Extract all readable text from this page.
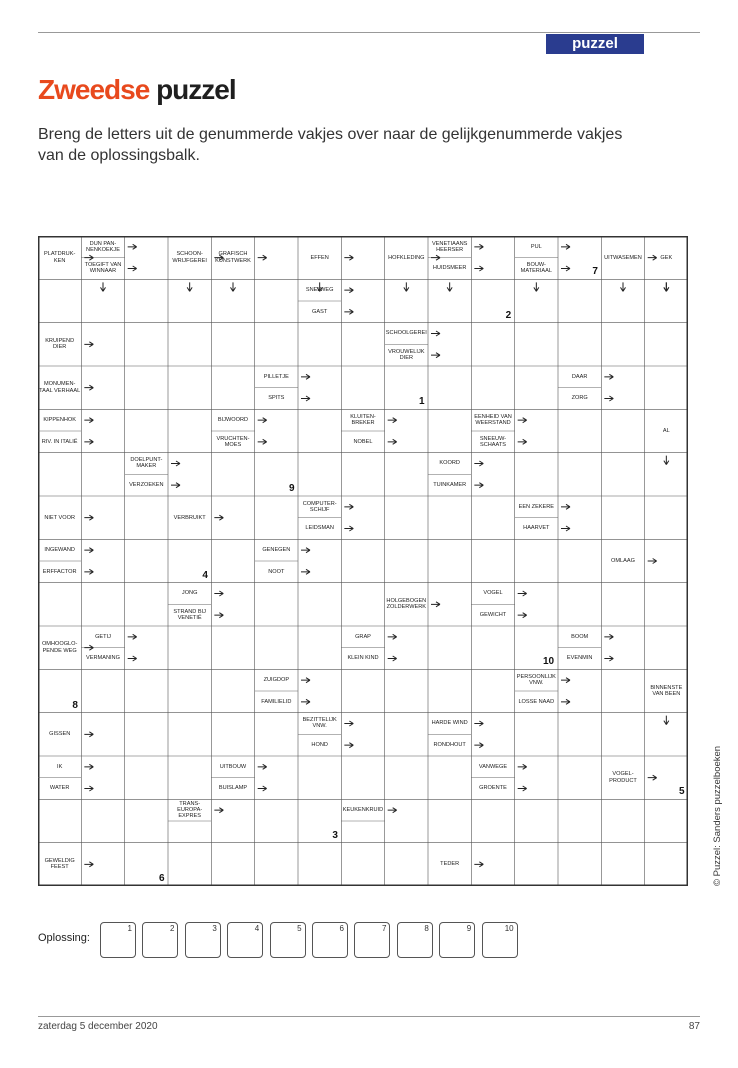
puzzel
Zweedse puzzel

Breng de letters uit de genummerde vakjes over naar de gelijkgenummerde vakjes van de oplossingsbalk.

PLATDRUK-KEN
DUN PAN-NENKOEKJE
TOEGIFT VAN WINNAAR
SCHOON-WRIJFGEREI
GRAFISCH KUNSTWERK
EFFEN	HOFKLEDING
VENETIAANS HEERSER
HUIDSMEER
PUL
BOUW-MATERIAAL
UITWASEMEN	GEK
SNELWEG
GAST
KRUIPEND DIER
SCHOOLGEREI
VROUWELIJK DIER
MONUMEN-TAAL VERHAAL
PILLETJE
SPITS
DAAR
ZORG
KIPPENHOK
RIV. IN ITALIË
BIJWOORD
VRUCHTEN-MOES
KLUITEN-BREKER
NOBEL
EENHEID VAN WEERSTAND
SNEEUW-SCHAATS
AL
DOELPUNT-MAKER
VERZOEKEN
KOORD
TUINKAMER
NIET VOOR	VERBRUIKT
COMPUTER-SCHIJF
LEIDSMAN
EEN ZEKERE
HAARVET
INGEWAND
ERFFACTOR
GENEGEN
NOOT
OMLAAG
JONG
STRAND BIJ VENETIË
HOLGEBOGEN ZOLDERWERK
VOGEL
GEWICHT
OMHOOGLO-PENDE WEG
GETIJ
VERMANING
GRAP
KLEIN KIND
BOOM
EVENMIN
ZUIGDOP
FAMILIELID
PERSOONLIJK VNW.
LOSSE NAAD
BINNENSTE VAN BEEN
GISSEN
BEZITTELIJK VNW.
HOND
HARDE WIND
RONDHOUT
IK
WATER
UITBOUW
BUISLAMP
VANWEGE
GROENTE
VOGEL-PRODUCT
TRANS-EUROPA-EXPRES
KEUKENKRUID
GEWELDIG FEEST
TEDER
7
2
1
9
4
10
8
5
3
6	© Puzzel: Sanders puzzelboeken
Oplossing:
1	2	3	4	5	6	7	8	9	10
zaterdag 5 december 2020	87
